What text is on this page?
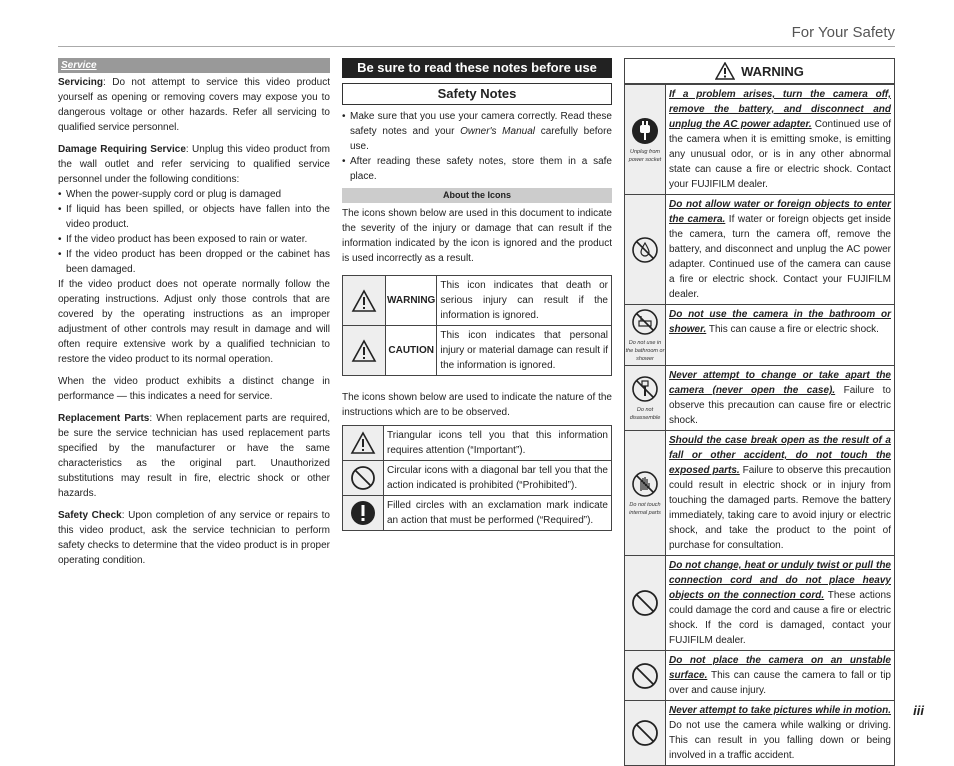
For Your Safety
Service

Servicing: Do not attempt to service this video product yourself as opening or removing covers may expose you to dangerous voltage or other hazards. Refer all servicing to qualified service personnel.

Damage Requiring Service: Unplug this video product from the wall outlet and refer servicing to qualified service personnel under the following conditions:

• When the power-supply cord or plug is damaged
• If liquid has been spilled, or objects have fallen into the video product.
• If the video product has been exposed to rain or water.
• If the video product has been dropped or the cabinet has been damaged.

If the video product does not operate normally follow the operating instructions. Adjust only those controls that are covered by the operating instructions as an improper adjustment of other controls may result in damage and will often require extensive work by a qualified technician to restore the video product to its normal operation.

When the video product exhibits a distinct change in performance — this indicates a need for service.

Replacement Parts: When replacement parts are required, be sure the service technician has used replacement parts specified by the manufacturer or have the same characteristics as the original part. Unauthorized substitutions may result in fire, electric shock or other hazards.

Safety Check: Upon completion of any service or repairs to this video product, ask the service technician to perform safety checks to determine that the video product is in proper operating condition.

Be sure to read these notes before use
Safety Notes
• Make sure that you use your camera correctly. Read these safety notes and your Owner's Manual carefully before use.
• After reading these safety notes, store them in a safe place.
About the Icons
The icons shown below are used in this document to indicate the severity of the injury or damage that can result if the information indicated by the icon is ignored and the product is used incorrectly as a result.
	WARNING	This icon indicates that death or serious injury can result if the information is ignored.
	CAUTION	This icon indicates that personal injury or material damage can result if the information is ignored.
The icons shown below are used to indicate the nature of the instructions which are to be observed.
	Triangular icons tell you that this information requires attention (“Important”).
	Circular icons with a diagonal bar tell you that the action indicated is prohibited (“Prohibited”).
	Filled circles with an exclamation mark indicate an action that must be performed (“Required”).
WARNING
Unplug from power socket	If a problem arises, turn the camera off, remove the battery, and disconnect and unplug the AC power adapter. Continued use of the camera when it is emitting smoke, is emitting any unusual odor, or is in any other abnormal state can cause a fire or electric shock. Contact your FUJIFILM dealer.
	Do not allow water or foreign objects to enter the camera. If water or foreign objects get inside the camera, turn the camera off, remove the battery, and disconnect and unplug the AC power adapter. Continued use of the camera can cause a fire or electric shock. Contact your FUJIFILM dealer.

Do not use in the bathroom or shower	Do not use the camera in the bathroom or shower. This can cause a fire or electric shock.

Do not disassemble	Never attempt to change or take apart the camera (never open the case). Failure to observe this precaution can cause fire or electric shock.

Do not touch internal parts	Should the case break open as the result of a fall or other accident, do not touch the exposed parts. Failure to observe this precaution could result in electric shock or in injury from touching the damaged parts. Remove the battery immediately, taking care to avoid injury or electric shock, and take the product to the point of purchase for consultation.
	Do not change, heat or unduly twist or pull the connection cord and do not place heavy objects on the connection cord. These actions could damage the cord and cause a fire or electric shock. If the cord is damaged, contact your FUJIFILM dealer.
	Do not place the camera on an unstable surface. This can cause the camera to fall or tip over and cause injury.
	Never attempt to take pictures while in motion. Do not use the camera while walking or driving. This can result in you falling down or being involved in a traffic accident.
iii
